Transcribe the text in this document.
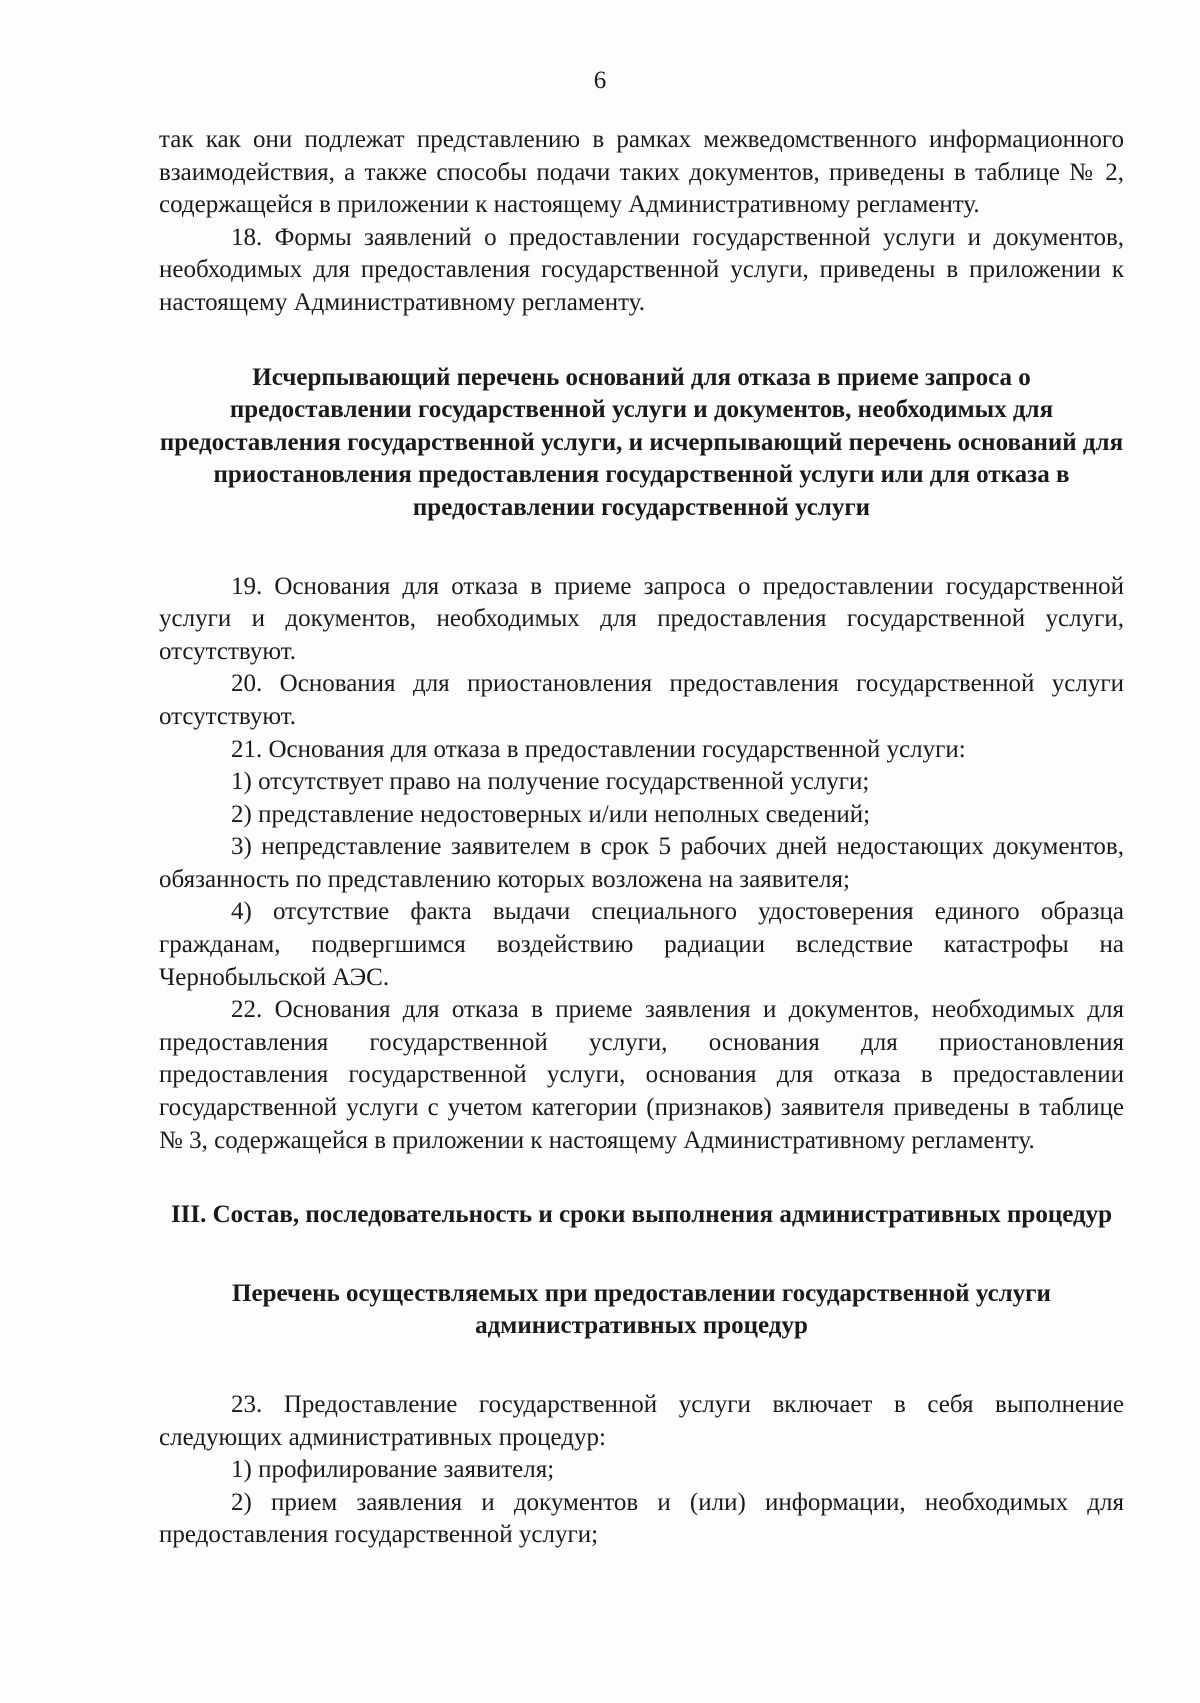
6

так как они подлежат представлению в рамках межведомственного информационного взаимодействия, а также способы подачи таких документов, приведены в таблице № 2, содержащейся в приложении к настоящему Административному регламенту.

18. Формы заявлений о предоставлении государственной услуги и документов, необходимых для предоставления государственной услуги, приведены в приложении к настоящему Административному регламенту.

Исчерпывающий перечень оснований для отказа в приеме запроса о предоставлении государственной услуги и документов, необходимых для предоставления государственной услуги, и исчерпывающий перечень оснований для приостановления предоставления государственной услуги или для отказа в предоставлении государственной услуги

19. Основания для отказа в приеме запроса о предоставлении государственной услуги и документов, необходимых для предоставления государственной услуги, отсутствуют.

20. Основания для приостановления предоставления государственной услуги отсутствуют.

21. Основания для отказа в предоставлении государственной услуги:

1) отсутствует право на получение государственной услуги;

2) представление недостоверных и/или неполных сведений;

3) непредставление заявителем в срок 5 рабочих дней недостающих документов, обязанность по представлению которых возложена на заявителя;

4) отсутствие факта выдачи специального удостоверения единого образца гражданам, подвергшимся воздействию радиации вследствие катастрофы на Чернобыльской АЭС.

22. Основания для отказа в приеме заявления и документов, необходимых для предоставления государственной услуги, основания для приостановления предоставления государственной услуги, основания для отказа в предоставлении государственной услуги с учетом категории (признаков) заявителя приведены в таблице № 3, содержащейся в приложении к настоящему Административному регламенту.

III. Состав, последовательность и сроки выполнения административных процедур
Перечень осуществляемых при предоставлении государственной услуги административных процедур

23. Предоставление государственной услуги включает в себя выполнение следующих административных процедур:

1) профилирование заявителя;

2) прием заявления и документов и (или) информации, необходимых для предоставления государственной услуги;
